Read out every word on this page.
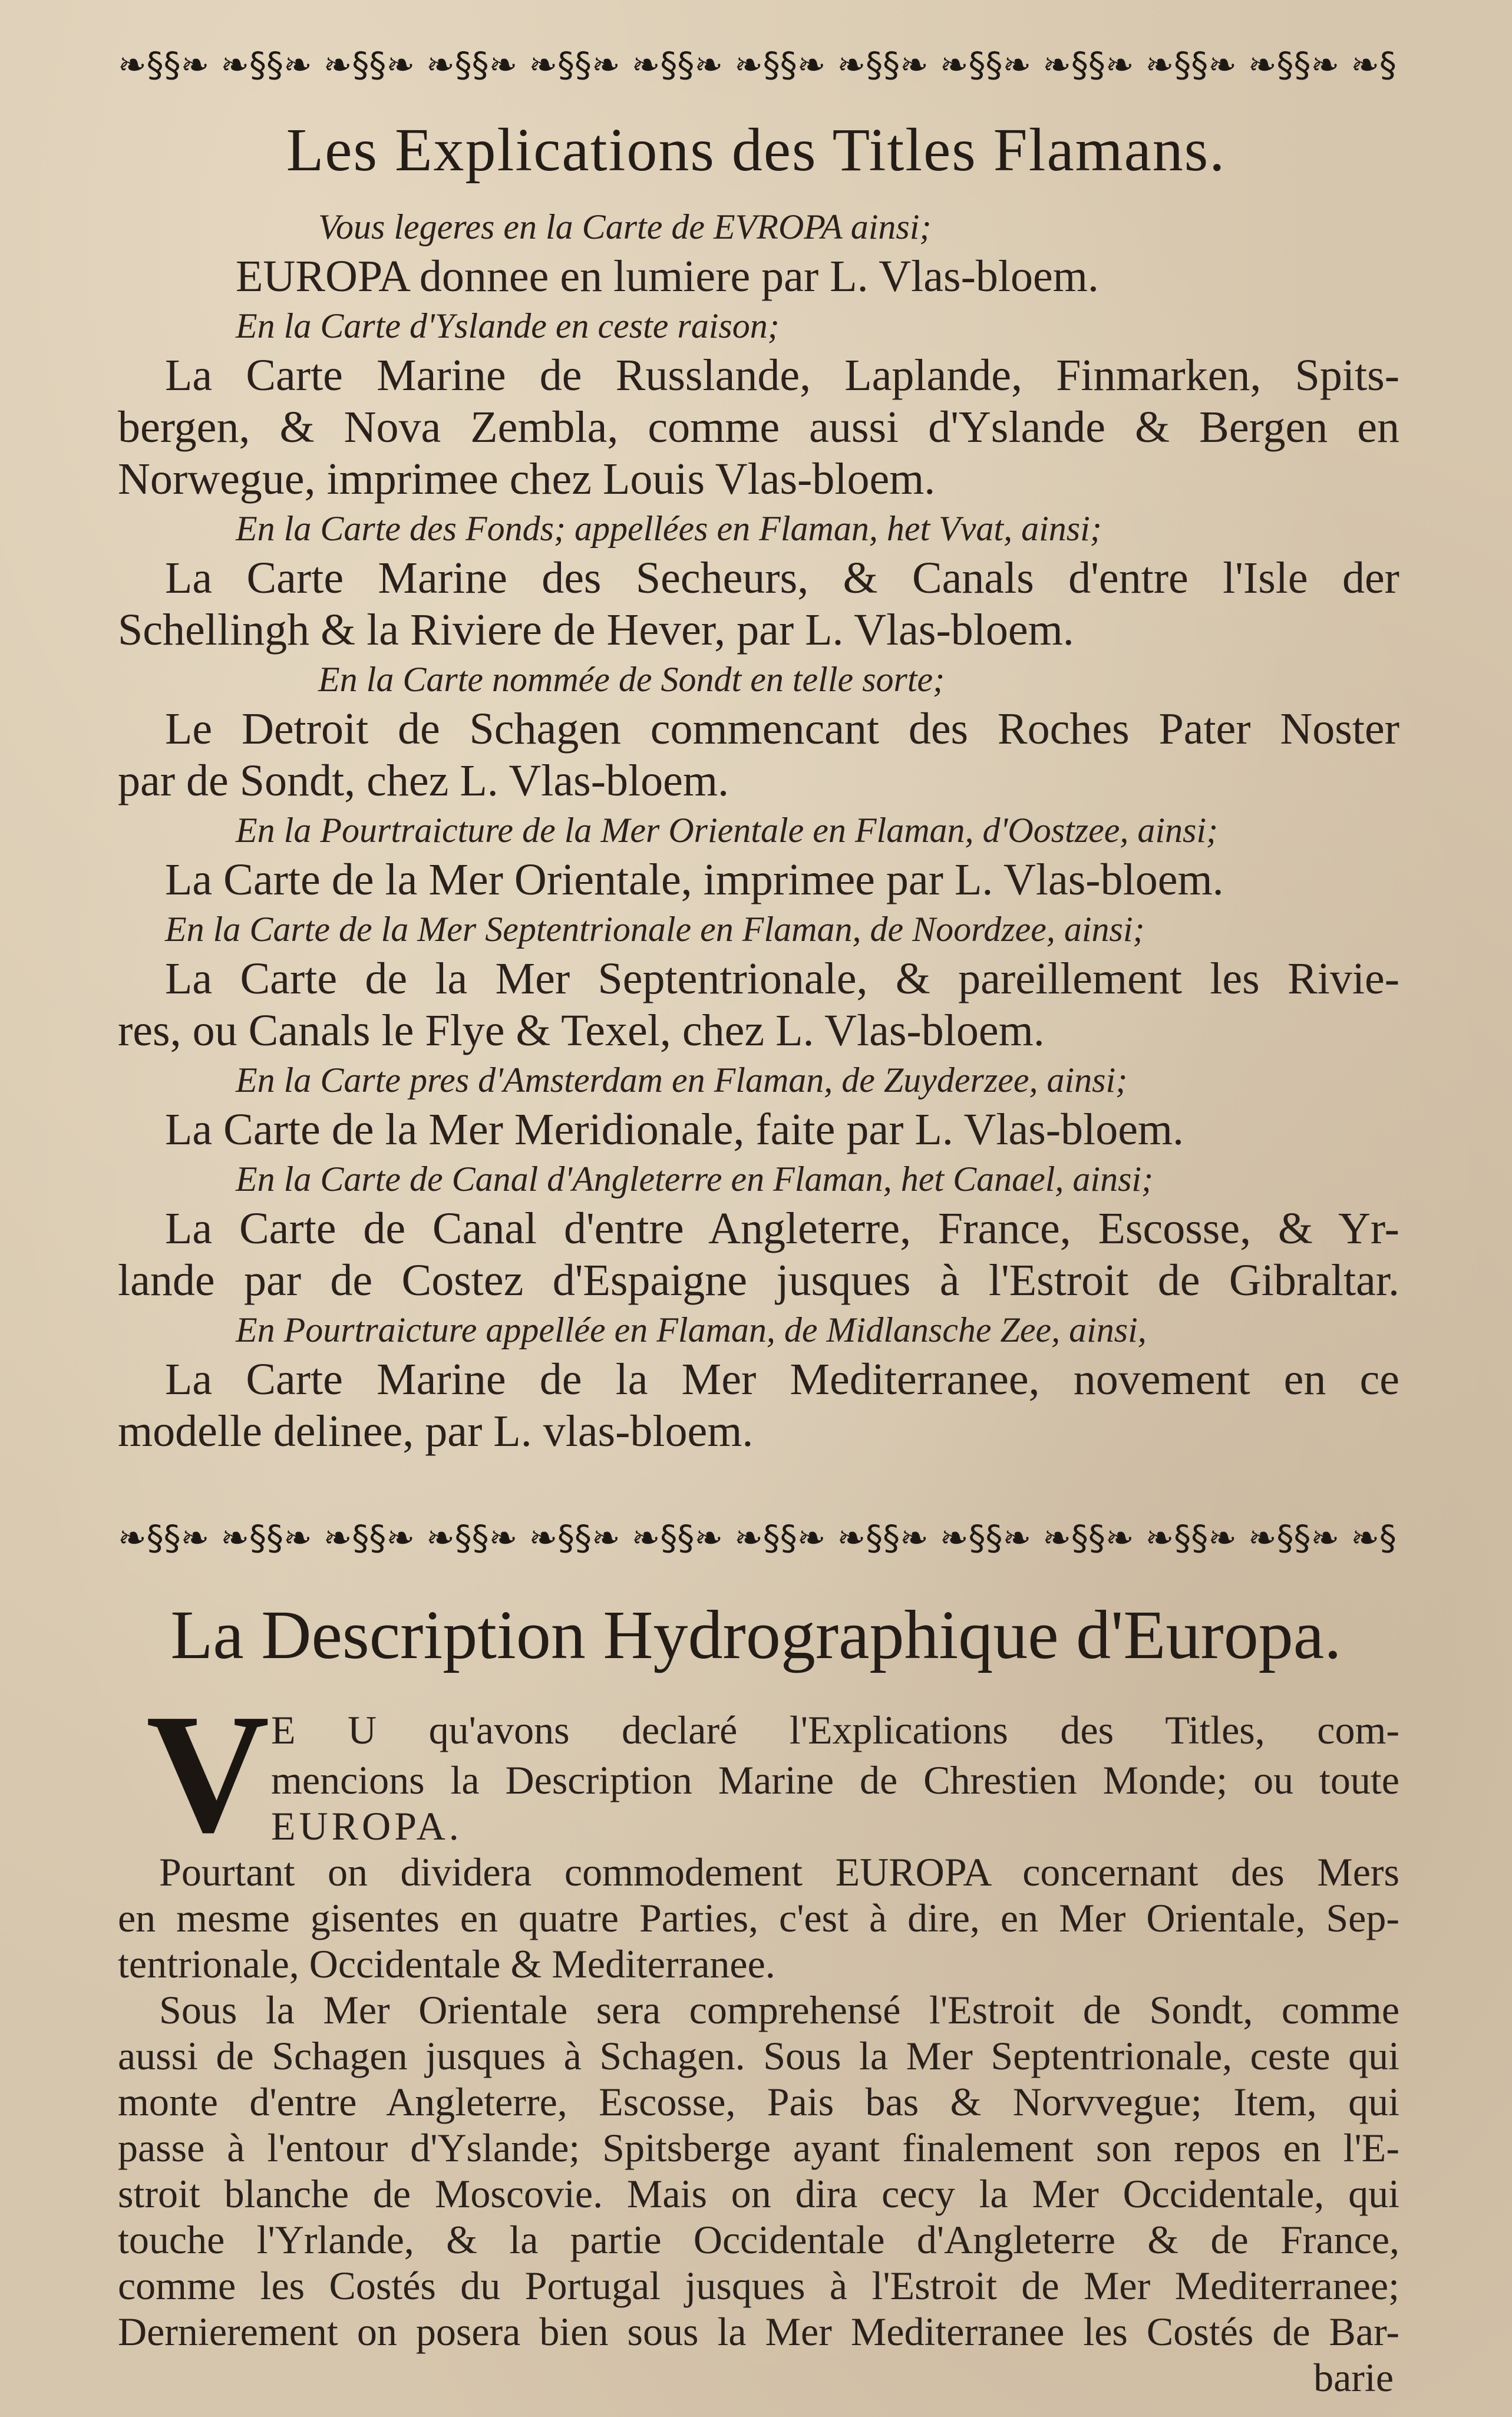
❧§§❧ ❧§§❧ ❧§§❧ ❧§§❧ ❧§§❧ ❧§§❧ ❧§§❧ ❧§§❧ ❧§§❧ ❧§§❧ ❧§§❧ ❧§§❧ ❧§
Les Explications des Titles Flamans.
Vous legeres en la Carte de EVROPA ainsi;
EUROPA donnee en lumiere par L. Vlas-bloem.
En la Carte d'Yslande en ceste raison;
La Carte Marine de Russlande, Laplande, Finmarken, Spits-
bergen, & Nova Zembla, comme aussi d'Yslande & Bergen en
Norwegue, imprimee chez Louis Vlas-bloem.
En la Carte des Fonds; appellées en Flaman, het Vvat, ainsi;
La Carte Marine des Secheurs, & Canals d'entre l'Isle der
Schellingh & la Riviere de Hever, par L. Vlas-bloem.
En la Carte nommée de Sondt en telle sorte;
Le Detroit de Schagen commencant des Roches Pater Noster
par de Sondt, chez L. Vlas-bloem.
En la Pourtraicture de la Mer Orientale en Flaman, d'Oostzee, ainsi;
La Carte de la Mer Orientale, imprimee par L. Vlas-bloem.
En la Carte de la Mer Septentrionale en Flaman, de Noordzee, ainsi;
La Carte de la Mer Septentrionale, & pareillement les Rivie-
res, ou Canals le Flye & Texel, chez L. Vlas-bloem.
En la Carte pres d'Amsterdam en Flaman, de Zuyderzee, ainsi;
La Carte de la Mer Meridionale, faite par L. Vlas-bloem.
En la Carte de Canal d'Angleterre en Flaman, het Canael, ainsi;
La Carte de Canal d'entre Angleterre, France, Escosse, & Yr-
lande par de Costez d'Espaigne jusques à l'Estroit de Gibraltar.
En Pourtraicture appellée en Flaman, de Midlansche Zee, ainsi,
La Carte Marine de la Mer Mediterranee, novement en ce
modelle delinee, par L. vlas-bloem.
❧§§❧ ❧§§❧ ❧§§❧ ❧§§❧ ❧§§❧ ❧§§❧ ❧§§❧ ❧§§❧ ❧§§❧ ❧§§❧ ❧§§❧ ❧§§❧ ❧§
La Description Hydrographique d'Europa.
V E U qu'avons declaré l'Explications des Titles, com-
mencions la Description Marine de Chrestien Monde; ou toute
EUROPA.
Pourtant on dividera commodement EUROPA concernant des Mers
en mesme gisentes en quatre Parties, c'est à dire, en Mer Orientale, Sep-
tentrionale, Occidentale & Mediterranee.
Sous la Mer Orientale sera comprehensé l'Estroit de Sondt, comme
aussi de Schagen jusques à Schagen. Sous la Mer Septentrionale, ceste qui
monte d'entre Angleterre, Escosse, Pais bas & Norvvegue; Item, qui
passe à l'entour d'Yslande; Spitsberge ayant finalement son repos en l'E-
stroit blanche de Moscovie. Mais on dira cecy la Mer Occidentale, qui
touche l'Yrlande, & la partie Occidentale d'Angleterre & de France,
comme les Costés du Portugal jusques à l'Estroit de Mer Mediterranee;
Dernierement on posera bien sous la Mer Mediterranee les Costés de Bar-
barie
